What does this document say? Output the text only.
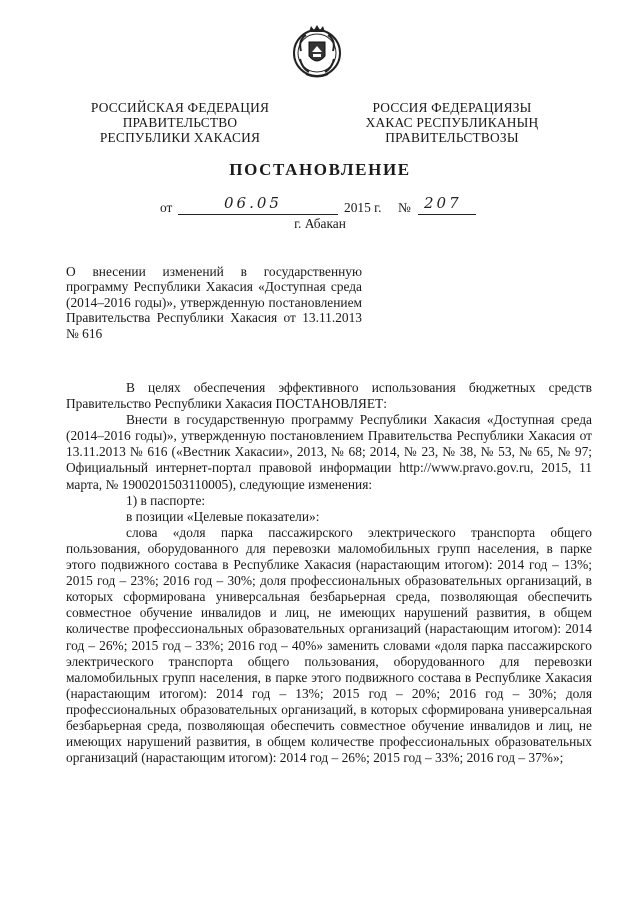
РОССИЙСКАЯ ФЕДЕРАЦИЯ
ПРАВИТЕЛЬСТВО
РЕСПУБЛИКИ ХАКАСИЯ
РОССИЯ ФЕДЕРАЦИЯЗЫ
ХАКАС РЕСПУБЛИКАНЫҢ
ПРАВИТЕЛЬСТВОЗЫ
ПОСТАНОВЛЕНИЕ
от	06.05	2015 г. № 207
г. Абакан
О внесении изменений в государственную программу Республики Хакасия «Доступная среда (2014–2016 годы)», утвержденную постановлением Правительства Республики Хакасия от 13.11.2013 № 616

В целях обеспечения эффективного использования бюджетных средств Правительство Республики Хакасия ПОСТАНОВЛЯЕТ:

Внести в государственную программу Республики Хакасия «Доступная среда (2014–2016 годы)», утвержденную постановлением Правительства Республики Хакасия от 13.11.2013 № 616 («Вестник Хакасии», 2013, № 68; 2014, № 23, № 38, № 53, № 65, № 97; Официальный интернет-портал правовой информации http://www.pravo.gov.ru, 2015, 11 марта, № 1900201503110005), следующие изменения:

1) в паспорте:

в позиции «Целевые показатели»:

слова «доля парка пассажирского электрического транспорта общего пользования, оборудованного для перевозки маломобильных групп населения, в парке этого подвижного состава в Республике Хакасия (нарастающим итогом): 2014 год – 13%; 2015 год – 23%; 2016 год – 30%; доля профессиональных образовательных организаций, в которых сформирована универсальная безбарьерная среда, позволяющая обеспечить совместное обучение инвалидов и лиц, не имеющих нарушений развития, в общем количестве профессиональных образовательных организаций (нарастающим итогом): 2014 год – 26%; 2015 год – 33%; 2016 год – 40%» заменить словами «доля парка пассажирского электрического транспорта общего пользования, оборудованного для перевозки маломобильных групп населения, в парке этого подвижного состава в Республике Хакасия (нарастающим итогом): 2014 год – 13%; 2015 год – 20%; 2016 год – 30%; доля профессиональных образовательных организаций, в которых сформирована универсальная безбарьерная среда, позволяющая обеспечить совместное обучение инвалидов и лиц, не имеющих нарушений развития, в общем количестве профессиональных образовательных организаций (нарастающим итогом): 2014 год – 26%; 2015 год – 33%; 2016 год – 37%»;
